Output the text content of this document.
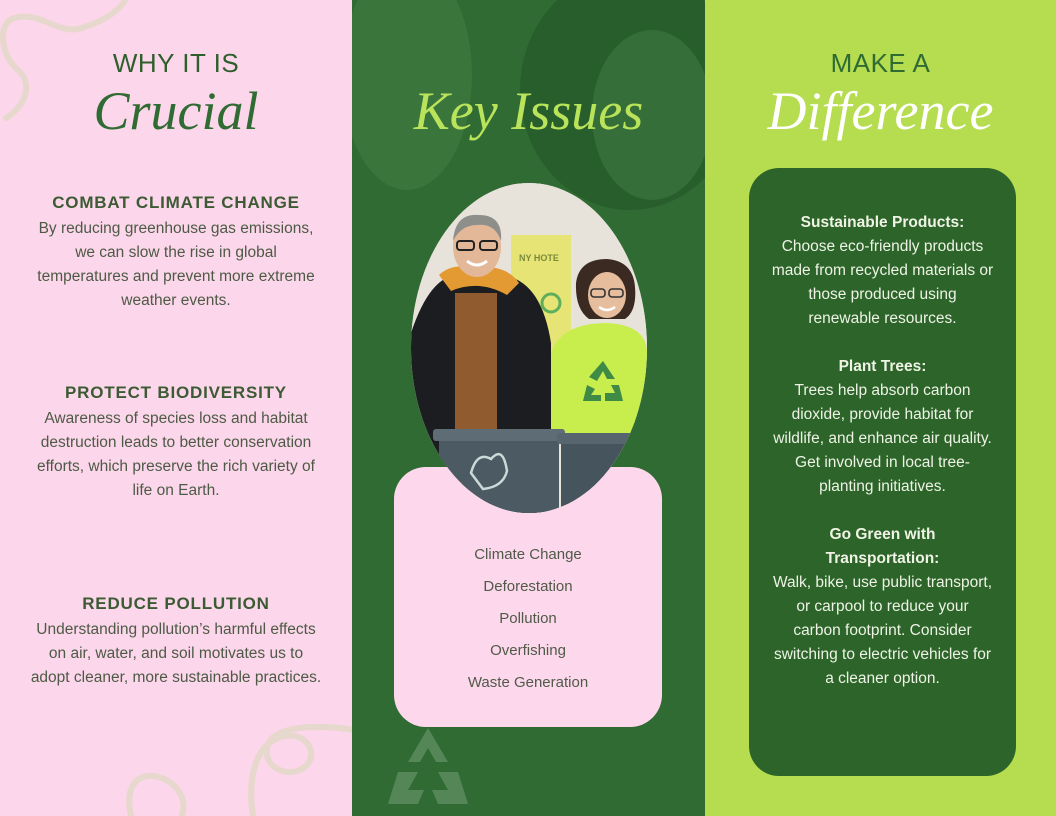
WHY IT IS
Crucial
COMBAT CLIMATE CHANGE

By reducing greenhouse gas emissions, we can slow the rise in global temperatures and prevent more extreme weather events.

PROTECT BIODIVERSITY

Awareness of species loss and habitat destruction leads to better conservation efforts, which preserve the rich variety of life on Earth.

REDUCE POLLUTION

Understanding pollution’s harmful effects on air, water, and soil motivates us to adopt cleaner, more sustainable practices.

Key Issues
NY HOTE
Climate Change
Deforestation
Pollution
Overfishing
Waste Generation
MAKE A
Difference
Sustainable Products:

Choose eco-friendly products made from recycled materials or those produced using renewable resources.

Plant Trees:

Trees help absorb carbon dioxide, provide habitat for wildlife, and enhance air quality. Get involved in local tree-planting initiatives.

Go Green with Transportation:

Walk, bike, use public transport, or carpool to reduce your carbon footprint. Consider switching to electric vehicles for a cleaner option.
